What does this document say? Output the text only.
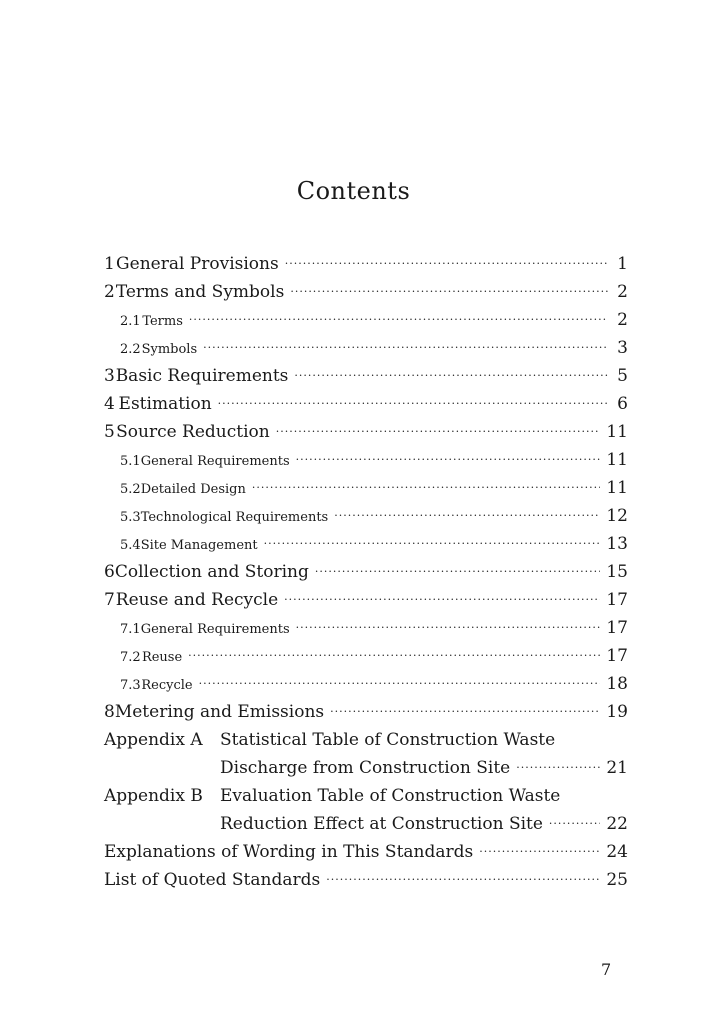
Contents
1 General Provisions ·····	1
2 Terms and Symbols ·····	2
2.1 Terms ·····	2
2.2 Symbols ·····	3
3 Basic Requirements ·····	5
4 Estimation ·····	6
5 Source Reduction ·····	11
5.1 General Requirements ·····	11
5.2 Detailed Design ·····	11
5.3 Technological Requirements ·····	12
5.4 Site Management ·····	13
6 Collection and Storing ·····	15
7 Reuse and Recycle ·····	17
7.1 General Requirements ·····	17
7.2 Reuse ·····	17
7.3 Recycle ·····	18
8 Metering and Emissions ·····	19
Appendix A	Statistical Table of Construction Waste
Discharge from Construction Site ·····	21
Appendix B	Evaluation Table of Construction Waste
Reduction Effect at Construction Site ·····	22
Explanations of Wording in This Standards ·····	24
List of Quoted Standards ·····	25
7
